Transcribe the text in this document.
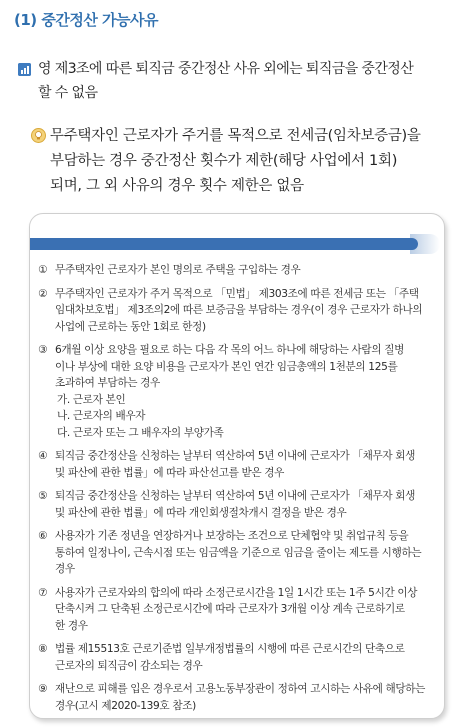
(1) 중간정산 가능사유
영 제3조에 따른 퇴직금 중간정산 사유 외에는 퇴직금을 중간정산
할 수 없음
무주택자인 근로자가 주거를 목적으로 전세금(임차보증금)을
부담하는 경우 중간정산 횟수가 제한(해당 사업에서 1회)
되며, 그 외 사유의 경우 횟수 제한은 없음
① 무주택자인 근로자가 본인 명의로 주택을 구입하는 경우
② 무주택자인 근로자가 주거 목적으로 「민법」 제303조에 따른 전세금 또는 「주택
임대차보호법」 제3조의2에 따른 보증금을 부담하는 경우(이 경우 근로자가 하나의
사업에 근로하는 동안 1회로 한정)
③ 6개월 이상 요양을 필요로 하는 다음 각 목의 어느 하나에 해당하는 사람의 질병
이나 부상에 대한 요양 비용을 근로자가 본인 연간 임금총액의 1천분의 125를
초과하여 부담하는 경우
가. 근로자 본인
나. 근로자의 배우자
다. 근로자 또는 그 배우자의 부양가족
④ 퇴직금 중간정산을 신청하는 날부터 역산하여 5년 이내에 근로자가 「채무자 회생
및 파산에 관한 법률」에 따라 파산선고를 받은 경우
⑤ 퇴직금 중간정산을 신청하는 날부터 역산하여 5년 이내에 근로자가 「채무자 회생
및 파산에 관한 법률」에 따라 개인회생절차개시 결정을 받은 경우
⑥ 사용자가 기존 정년을 연장하거나 보장하는 조건으로 단체협약 및 취업규칙 등을
통하여 일정나이, 근속시점 또는 임금액을 기준으로 임금을 줄이는 제도를 시행하는
경우
⑦ 사용자가 근로자와의 합의에 따라 소정근로시간을 1일 1시간 또는 1주 5시간 이상
단축시켜 그 단축된 소정근로시간에 따라 근로자가 3개월 이상 계속 근로하기로
한 경우
⑧ 법률 제15513호 근로기준법 일부개정법률의 시행에 따른 근로시간의 단축으로
근로자의 퇴직금이 감소되는 경우
⑨ 재난으로 피해를 입은 경우로서 고용노동부장관이 정하여 고시하는 사유에 해당하는
경우(고시 제2020-139호 참조)
